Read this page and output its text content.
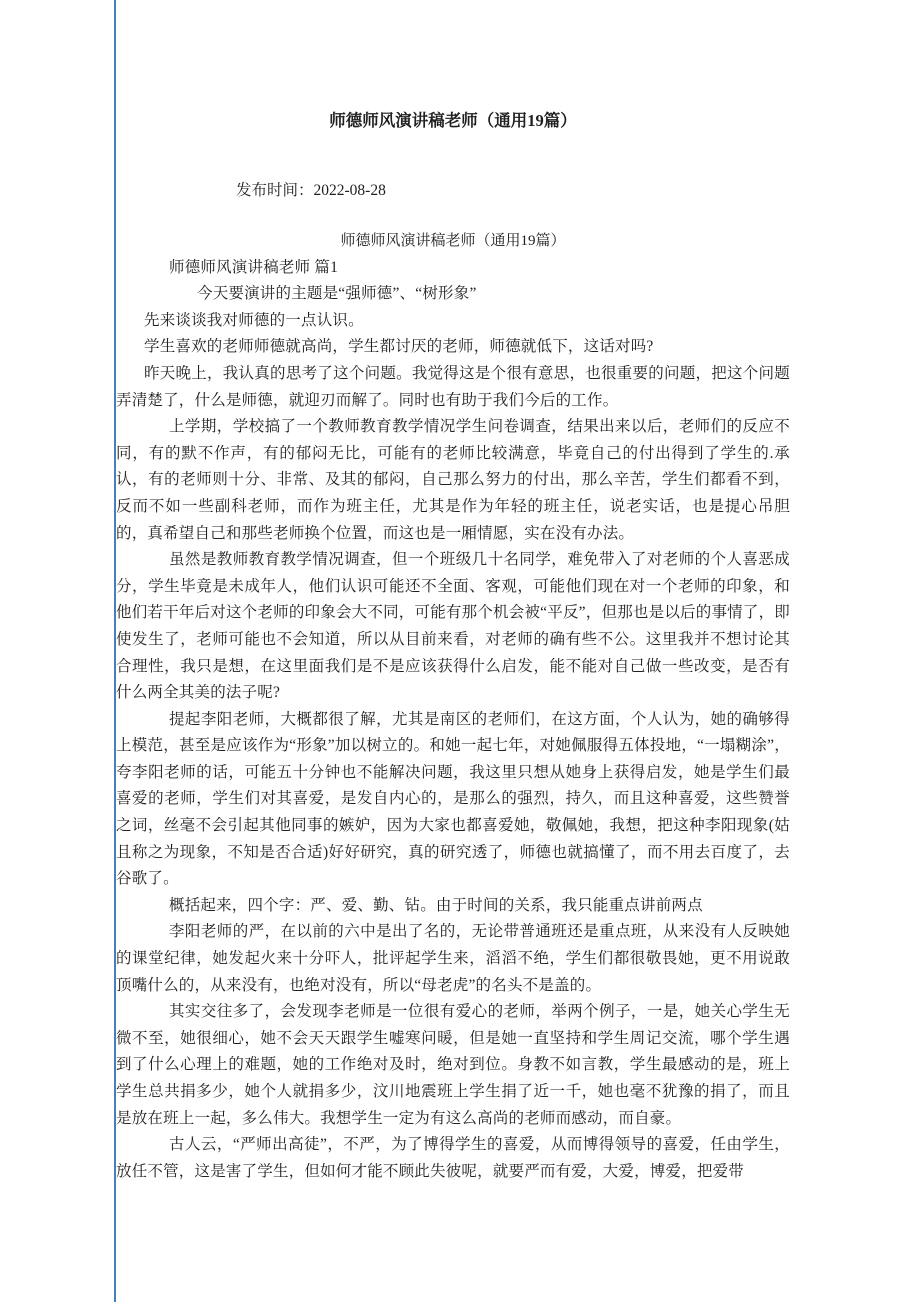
师德师风演讲稿老师（通用19篇）

发布时间：2022-08-28

师德师风演讲稿老师（通用19篇）

师德师风演讲稿老师 篇1

今天要演讲的主题是“强师德”、“树形象”

先来谈谈我对师德的一点认识。

学生喜欢的老师师德就高尚，学生都讨厌的老师，师德就低下，这话对吗?

昨天晚上，我认真的思考了这个问题。我觉得这是个很有意思，也很重要的问题，把这个问题弄清楚了，什么是师德，就迎刃而解了。同时也有助于我们今后的工作。

上学期，学校搞了一个教师教育教学情况学生问卷调查，结果出来以后，老师们的反应不同，有的默不作声，有的郁闷无比，可能有的老师比较满意，毕竟自己的付出得到了学生的.承认，有的老师则十分、非常、及其的郁闷，自己那么努力的付出，那么辛苦，学生们都看不到，反而不如一些副科老师，而作为班主任，尤其是作为年轻的班主任，说老实话，也是提心吊胆的，真希望自己和那些老师换个位置，而这也是一厢情愿，实在没有办法。

虽然是教师教育教学情况调查，但一个班级几十名同学，难免带入了对老师的个人喜恶成分，学生毕竟是未成年人，他们认识可能还不全面、客观，可能他们现在对一个老师的印象，和他们若干年后对这个老师的印象会大不同，可能有那个机会被“平反”，但那也是以后的事情了，即使发生了，老师可能也不会知道，所以从目前来看，对老师的确有些不公。这里我并不想讨论其合理性，我只是想，在这里面我们是不是应该获得什么启发，能不能对自己做一些改变，是否有什么两全其美的法子呢?

提起李阳老师，大概都很了解，尤其是南区的老师们，在这方面，个人认为，她的确够得上模范，甚至是应该作为“形象”加以树立的。和她一起七年，对她佩服得五体投地，“一塌糊涂”，夸李阳老师的话，可能五十分钟也不能解决问题，我这里只想从她身上获得启发，她是学生们最喜爱的老师，学生们对其喜爱，是发自内心的，是那么的强烈，持久，而且这种喜爱，这些赞誉之词，丝毫不会引起其他同事的嫉妒，因为大家也都喜爱她，敬佩她，我想，把这种李阳现象(姑且称之为现象，不知是否合适)好好研究，真的研究透了，师德也就搞懂了，而不用去百度了，去谷歌了。

概括起来，四个字：严、爱、勤、钻。由于时间的关系，我只能重点讲前两点

李阳老师的严，在以前的六中是出了名的，无论带普通班还是重点班，从来没有人反映她的课堂纪律，她发起火来十分吓人，批评起学生来，滔滔不绝，学生们都很敬畏她，更不用说敢顶嘴什么的，从来没有，也绝对没有，所以“母老虎”的名头不是盖的。

其实交往多了，会发现李老师是一位很有爱心的老师，举两个例子，一是，她关心学生无微不至，她很细心，她不会天天跟学生嘘寒问暖，但是她一直坚持和学生周记交流，哪个学生遇到了什么心理上的难题，她的工作绝对及时，绝对到位。身教不如言教，学生最感动的是，班上学生总共捐多少，她个人就捐多少，汶川地震班上学生捐了近一千，她也毫不犹豫的捐了，而且是放在班上一起，多么伟大。我想学生一定为有这么高尚的老师而感动，而自豪。

古人云，“严师出高徒”，不严，为了博得学生的喜爱，从而博得领导的喜爱，任由学生，放任不管，这是害了学生，但如何才能不顾此失彼呢，就要严而有爱，大爱，博爱，把爱带
